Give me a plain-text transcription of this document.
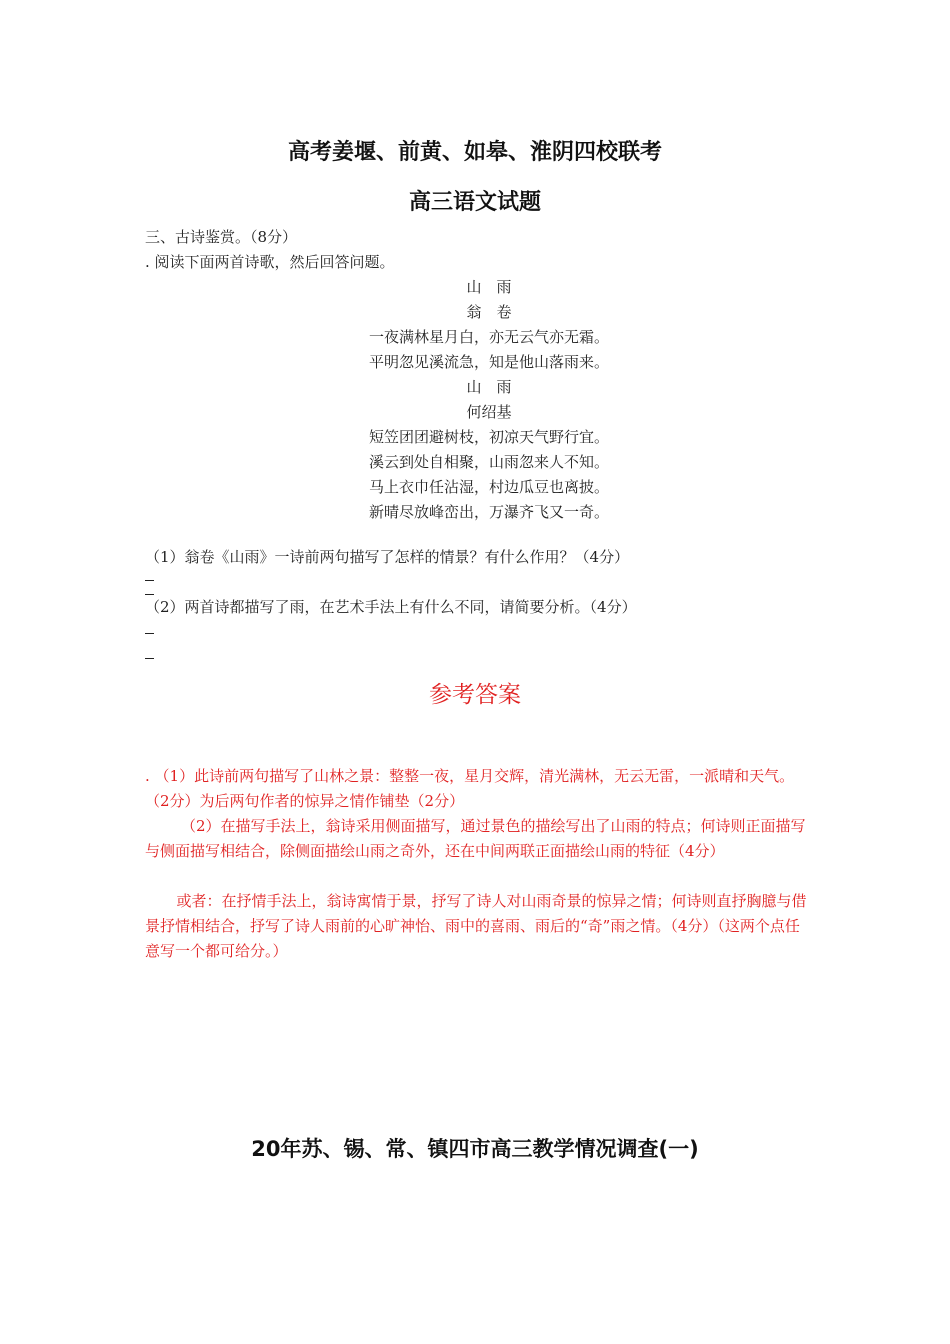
高考姜堰、前黄、如皋、淮阴四校联考
高三语文试题
三、古诗鉴赏。（8分）
. 阅读下面两首诗歌，然后回答问题。
山　雨
翁　卷
一夜满林星月白，亦无云气亦无霜。
平明忽见溪流急，知是他山落雨来。
山　雨
何绍基
短笠团团避树枝，初凉天气野行宜。
溪云到处自相聚，山雨忽来人不知。
马上衣巾任沾湿，村边瓜豆也离披。
新晴尽放峰峦出，万瀑齐飞又一奇。
（1）翁卷《山雨》一诗前两句描写了怎样的情景？有什么作用？（4分）
（2）两首诗都描写了雨，在艺术手法上有什么不同，请简要分析。（4分）
参考答案
. （1）此诗前两句描写了山林之景：整整一夜，星月交辉，清光满林，无云无雷，一派晴和天气。（2分）为后两句作者的惊异之情作铺垫（2分）
（2）在描写手法上，翁诗采用侧面描写，通过景色的描绘写出了山雨的特点；何诗则正面描写与侧面描写相结合，除侧面描绘山雨之奇外，还在中间两联正面描绘山雨的特征（4分）
或者：在抒情手法上，翁诗寓情于景，抒写了诗人对山雨奇景的惊异之情；何诗则直抒胸臆与借景抒情相结合，抒写了诗人雨前的心旷神怡、雨中的喜雨、雨后的“奇”雨之情。（4分）（这两个点任意写一个都可给分。）
20年苏、锡、常、镇四市高三教学情况调查(一)
